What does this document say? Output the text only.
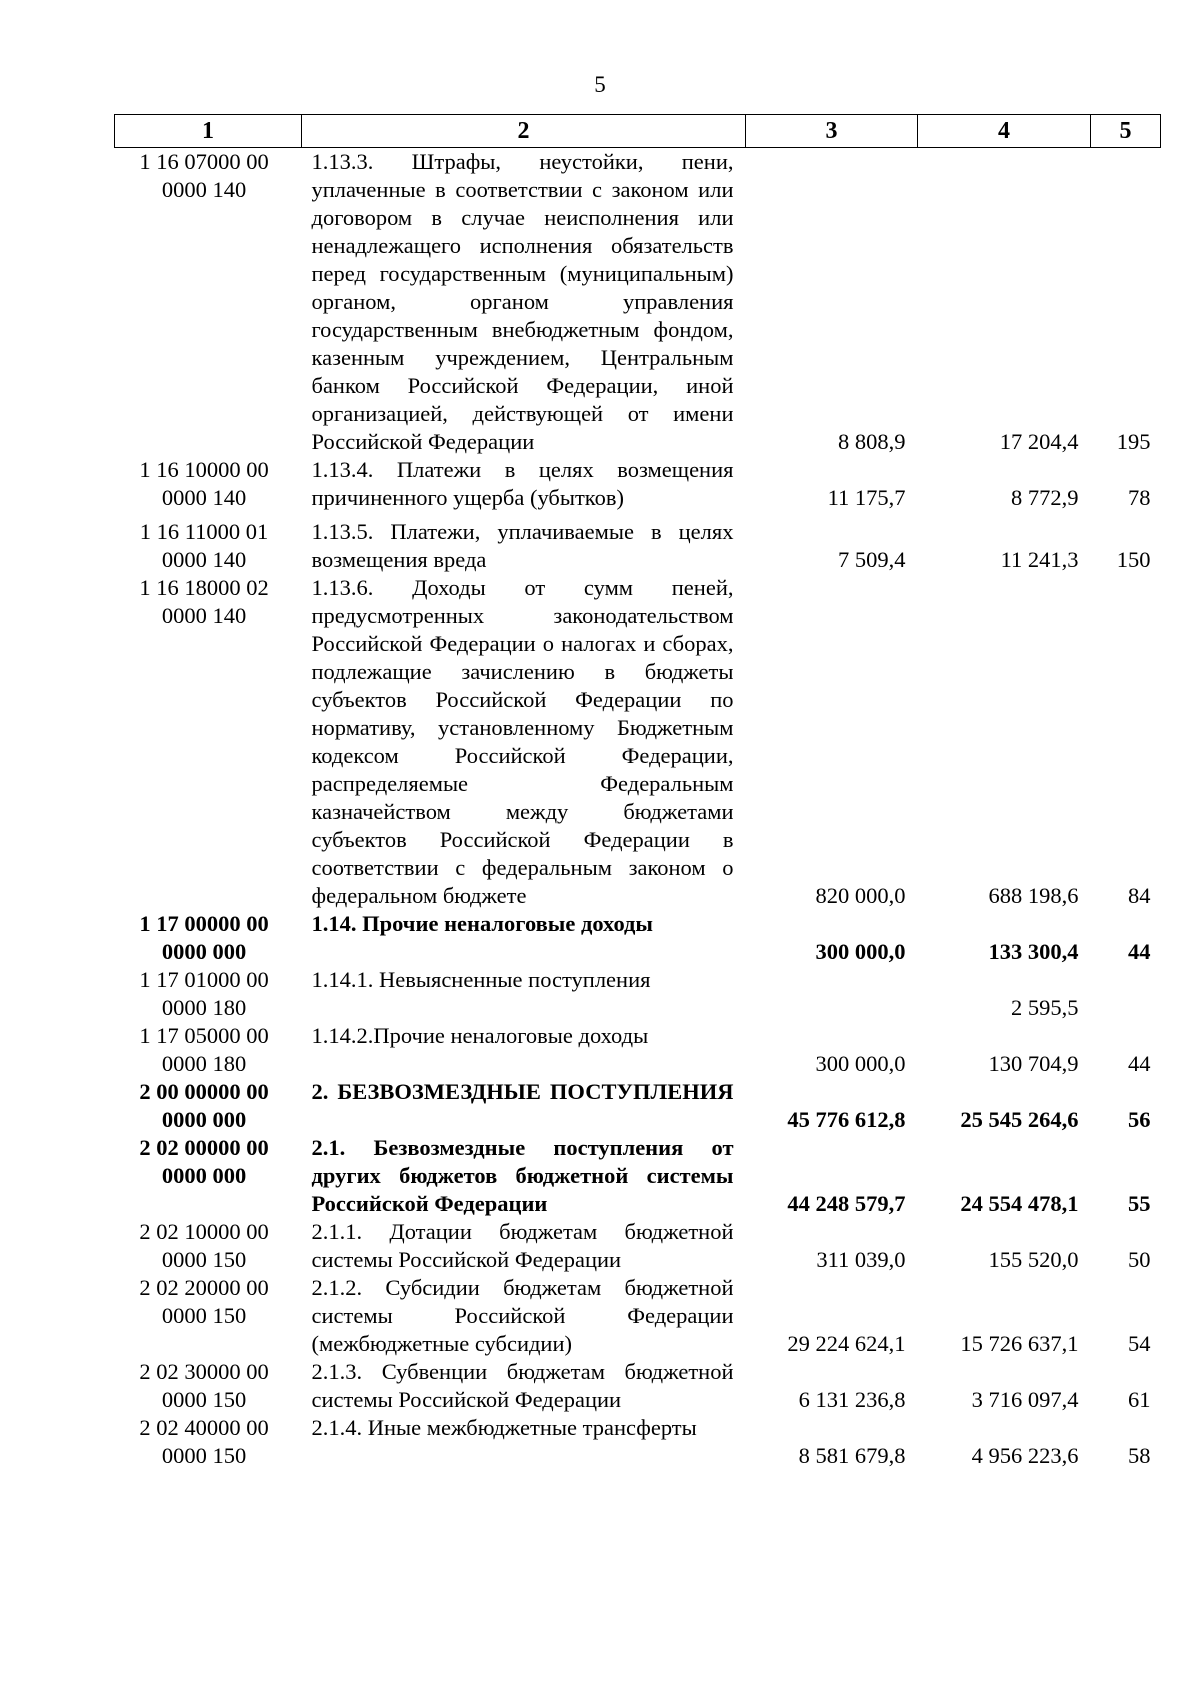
5
1	2	3	4	5
1 16 07000 00 0000 140	1.13.3. Штрафы, неустойки, пени, уплаченные в соответствии с законом или договором в случае неисполнения или ненадлежащего исполнения обязательств перед государственным (муниципальным) органом, органом управления государственным внебюджетным фондом, казенным учреждением, Центральным банком Российской Федерации, иной организацией, действующей от имени Российской Федерации	8 808,9	17 204,4	195
1 16 10000 00 0000 140	1.13.4. Платежи в целях возмещения причиненного ущерба (убытков)	11 175,7	8 772,9	78
1 16 11000 01 0000 140	1.13.5. Платежи, уплачиваемые в целях возмещения вреда	7 509,4	11 241,3	150
1 16 18000 02 0000 140	1.13.6. Доходы от сумм пеней, предусмотренных законодательством Российской Федерации о налогах и сборах, подлежащие зачислению в бюджеты субъектов Российской Федерации по нормативу, установленному Бюджетным кодексом Российской Федерации, распределяемые Федеральным казначейством между бюджетами субъектов Российской Федерации в соответствии с федеральным законом о федеральном бюджете	820 000,0	688 198,6	84
1 17 00000 00 0000 000	1.14. Прочие неналоговые доходы	300 000,0	133 300,4	44
1 17 01000 00 0000 180	1.14.1. Невыясненные поступления		2 595,5	
1 17 05000 00 0000 180	1.14.2.Прочие неналоговые доходы	300 000,0	130 704,9	44
2 00 00000 00 0000 000	2. БЕЗВОЗМЕЗДНЫЕ ПОСТУПЛЕНИЯ	45 776 612,8	25 545 264,6	56
2 02 00000 00 0000 000	2.1. Безвозмездные поступления от других бюджетов бюджетной системы Российской Федерации	44 248 579,7	24 554 478,1	55
2 02 10000 00 0000 150	2.1.1. Дотации бюджетам бюджетной системы Российской Федерации	311 039,0	155 520,0	50
2 02 20000 00 0000 150	2.1.2. Субсидии бюджетам бюджетной системы Российской Федерации (межбюджетные субсидии)	29 224 624,1	15 726 637,1	54
2 02 30000 00 0000 150	2.1.3. Субвенции бюджетам бюджетной системы Российской Федерации	6 131 236,8	3 716 097,4	61
2 02 40000 00 0000 150	2.1.4. Иные межбюджетные трансферты	8 581 679,8	4 956 223,6	58
